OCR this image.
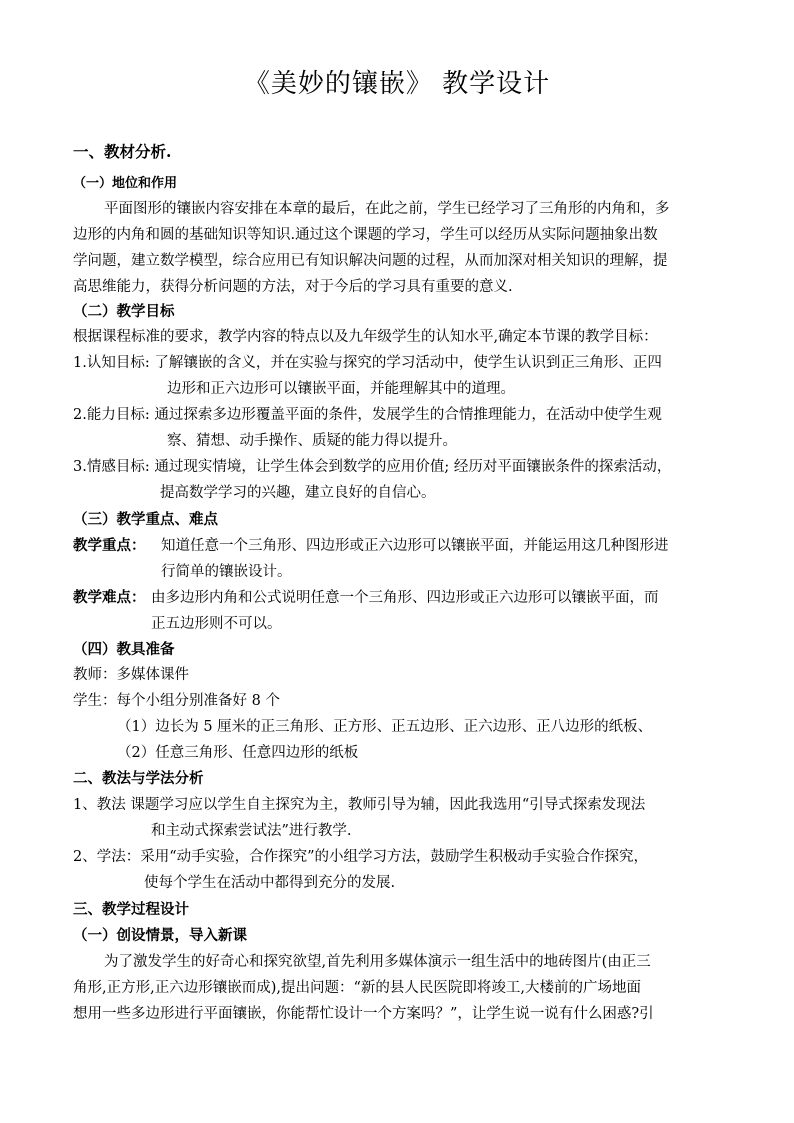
《美妙的镶嵌》 教学设计
一、教材分析.
（一）地位和作用
平面图形的镶嵌内容安排在本章的最后，在此之前，学生已经学习了三角形的内角和，多
边形的内角和圆的基础知识等知识.通过这个课题的学习，学生可以经历从实际问题抽象出数
学问题，建立数学模型，综合应用已有知识解决问题的过程，从而加深对相关知识的理解，提
高思维能力，获得分析问题的方法，对于今后的学习具有重要的意义.
（二）教学目标
根据课程标准的要求，教学内容的特点以及九年级学生的认知水平,确定本节课的教学目标：
1.认知目标: 了解镶嵌的含义，并在实验与探究的学习活动中，使学生认识到正三角形、正四
边形和正六边形可以镶嵌平面，并能理解其中的道理。
2.能力目标: 通过探索多边形覆盖平面的条件，发展学生的合情推理能力，在活动中使学生观
察、猜想、动手操作、质疑的能力得以提升。
3.情感目标: 通过现实情境，让学生体会到数学的应用价值; 经历对平面镶嵌条件的探索活动，
提高数学学习的兴趣，建立良好的自信心。
（三）教学重点、难点
教学重点：	知道任意一个三角形、四边形或正六边形可以镶嵌平面，并能运用这几种图形进
行简单的镶嵌设计。
教学难点： 由多边形内角和公式说明任意一个三角形、四边形或正六边形可以镶嵌平面，而
正五边形则不可以。
（四）教具准备
教师：多媒体课件
学生：每个小组分别准备好 8 个
（1）边长为 5 厘米的正三角形、正方形、正五边形、正六边形、正八边形的纸板、
（2）任意三角形、任意四边形的纸板
二、教法与学法分析
1、教法 课题学习应以学生自主探究为主，教师引导为辅，因此我选用“引导式探索发现法
和主动式探索尝试法”进行教学.
2、学法：采用“动手实验，合作探究”的小组学习方法，鼓励学生积极动手实验合作探究，
使每个学生在活动中都得到充分的发展.
三、教学过程设计
（一）创设情景，导入新课
为了激发学生的好奇心和探究欲望,首先利用多媒体演示一组生活中的地砖图片(由正三
角形,正方形,正六边形镶嵌而成),提出问题：“新的县人民医院即将竣工,大楼前的广场地面
想用一些多边形进行平面镶嵌，你能帮忙设计一个方案吗？”，让学生说一说有什么困惑?引
